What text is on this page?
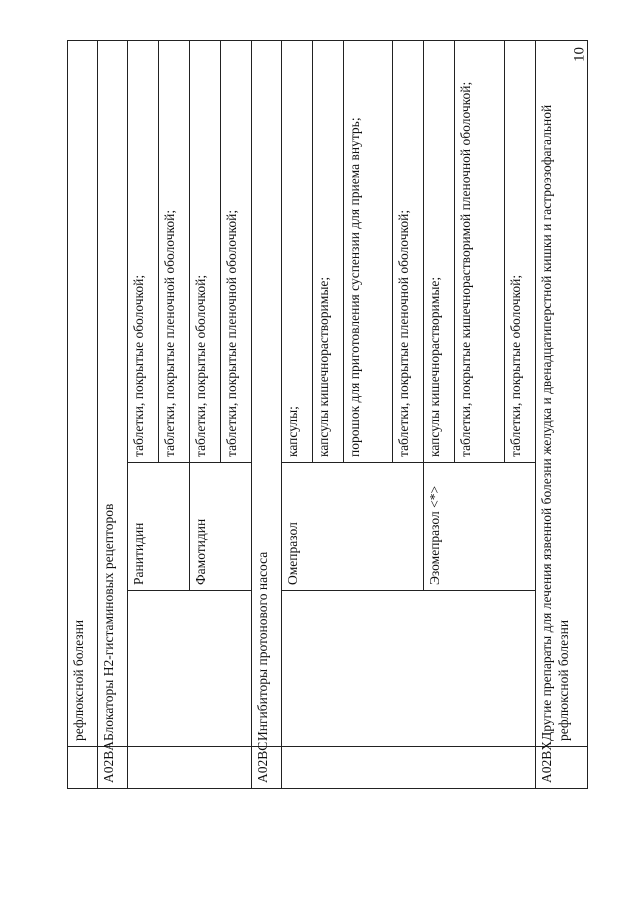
10
	рефлюксной болезни		
A02BA	Блокаторы Н2-гистаминовых рецепторов		
		Ранитидин	таблетки, покрытые оболочкой;
			таблетки, покрытые пленочной оболочкой;
		Фамотидин	таблетки, покрытые оболочкой;
			таблетки, покрытые пленочной оболочкой;
A02BC	Ингибиторы протонового насоса		
		Омепразол	капсулы;
			капсулы кишечнорастворимые;
			порошок для приготовления суспензии для приема внутрь;
			таблетки, покрытые пленочной оболочкой;
		Эзомепразол <*>	капсулы кишечнорастворимые;
			таблетки, покрытые кишечнорастворимой пленочной оболочкой;
			таблетки, покрытые оболочкой;
A02BX	Другие препараты для лечения язвенной болезни желудка и двенадцатиперстной кишки и гастроэзофагальной рефлюксной болезни		
